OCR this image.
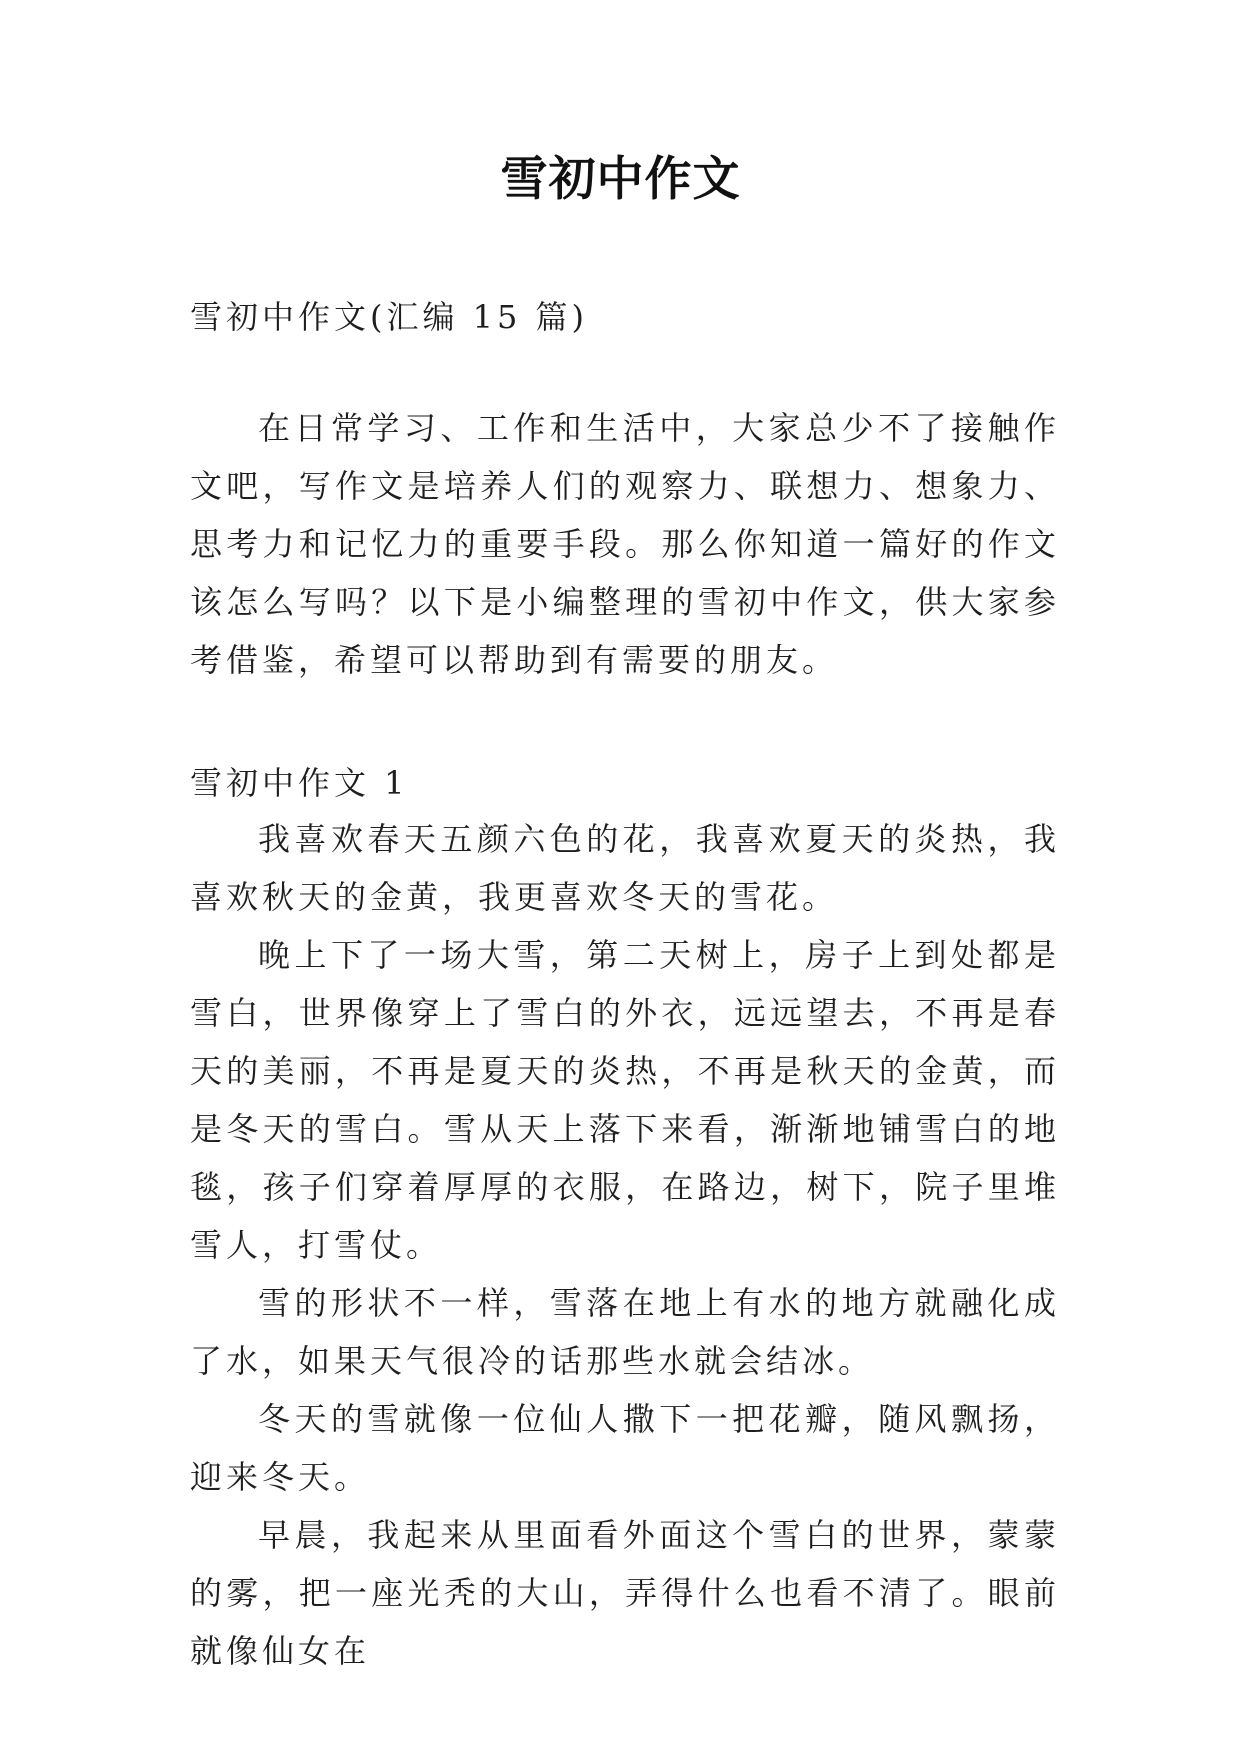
雪初中作文
雪初中作文(汇编 15 篇)

在日常学习、工作和生活中，大家总少不了接触作文吧，写作文是培养人们的观察力、联想力、想象力、思考力和记忆力的重要手段。那么你知道一篇好的作文该怎么写吗？以下是小编整理的雪初中作文，供大家参考借鉴，希望可以帮助到有需要的朋友。

雪初中作文 1

我喜欢春天五颜六色的花，我喜欢夏天的炎热，我喜欢秋天的金黄，我更喜欢冬天的雪花。

晚上下了一场大雪，第二天树上，房子上到处都是雪白，世界像穿上了雪白的外衣，远远望去，不再是春天的美丽，不再是夏天的炎热，不再是秋天的金黄，而是冬天的雪白。雪从天上落下来看，渐渐地铺雪白的地毯，孩子们穿着厚厚的衣服，在路边，树下，院子里堆雪人，打雪仗。

雪的形状不一样，雪落在地上有水的地方就融化成了水，如果天气很冷的话那些水就会结冰。

冬天的雪就像一位仙人撒下一把花瓣，随风飘扬，迎来冬天。

早晨，我起来从里面看外面这个雪白的世界，蒙蒙的雾，把一座光秃的大山，弄得什么也看不清了。眼前就像仙女在
